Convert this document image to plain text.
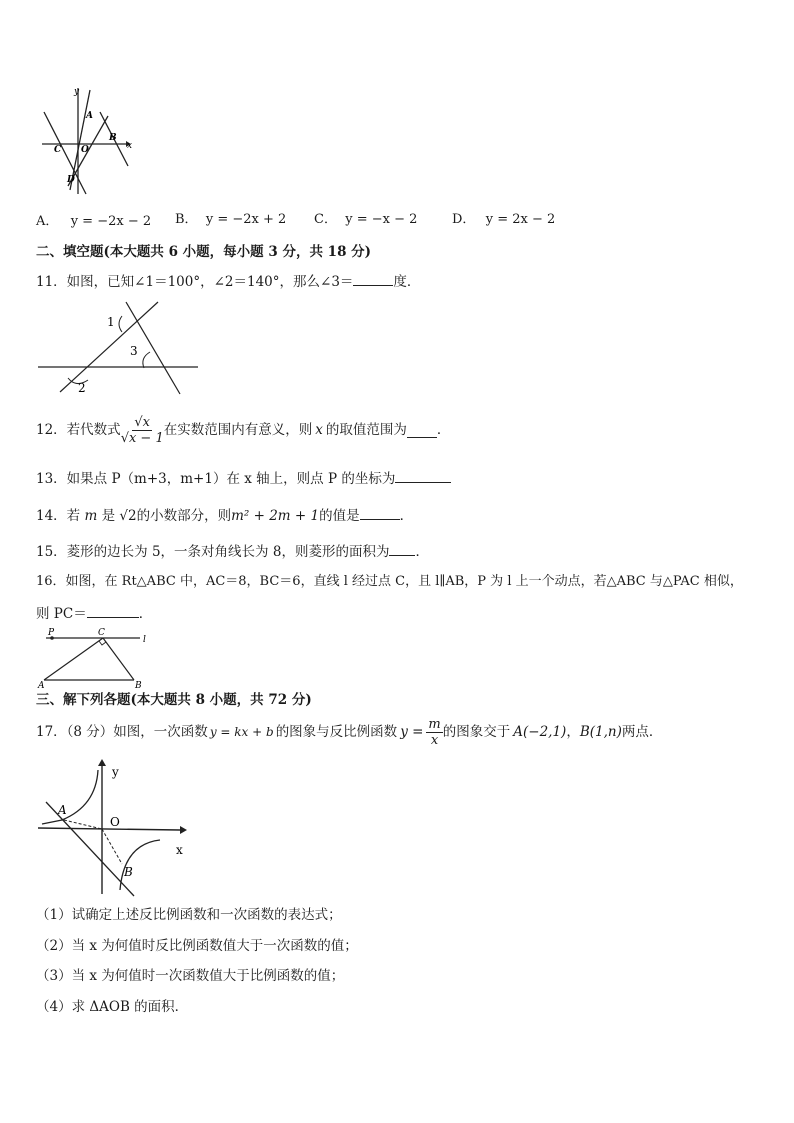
y
x
A
B
C O
D
A． y = −2x − 2 B． y = −2x + 2 C． y = −x − 2	D． y = 2x − 2
二、填空题(本大题共 6 小题，每小题 3 分，共 18 分)
11．如图，已知∠1＝100°，∠2＝140°，那么∠3＝	度．
1
2
3
12．若代数式 $\frac{√x}{√x - 1}$ 在实数范围内有意义，则 x 的取值范围为 ．
13．如果点 P（m+3，m+1）在 x 轴上，则点 P 的坐标为
14．若 m 是 √2的小数部分，则m² + 2m + 1的值是	．
15．菱形的边长为 5，一条对角线长为 8，则菱形的面积为 ．
16．如图，在 Rt△ABC 中，AC＝8，BC＝6，直线 l 经过点 C，且 l∥AB，P 为 l 上一个动点，若△ABC 与△PAC 相似，
则 PC＝	．
P	C
l
A	B
三、解下列各题(本大题共 8 小题，共 72 分)
17．（8 分）如图，一次函数 y = kx + b 的图象与反比例函数 $y = \frac{m}{x}$ 的图象交于 A(−2,1) ， B(1,n) 两点．
y
x
O
A
B
（1）试确定上述反比例函数和一次函数的表达式；
（2）当 x 为何值时反比例函数值大于一次函数的值；
（3）当 x 为何值时一次函数值大于比例函数的值；
（4）求 ΔAOB 的面积．
